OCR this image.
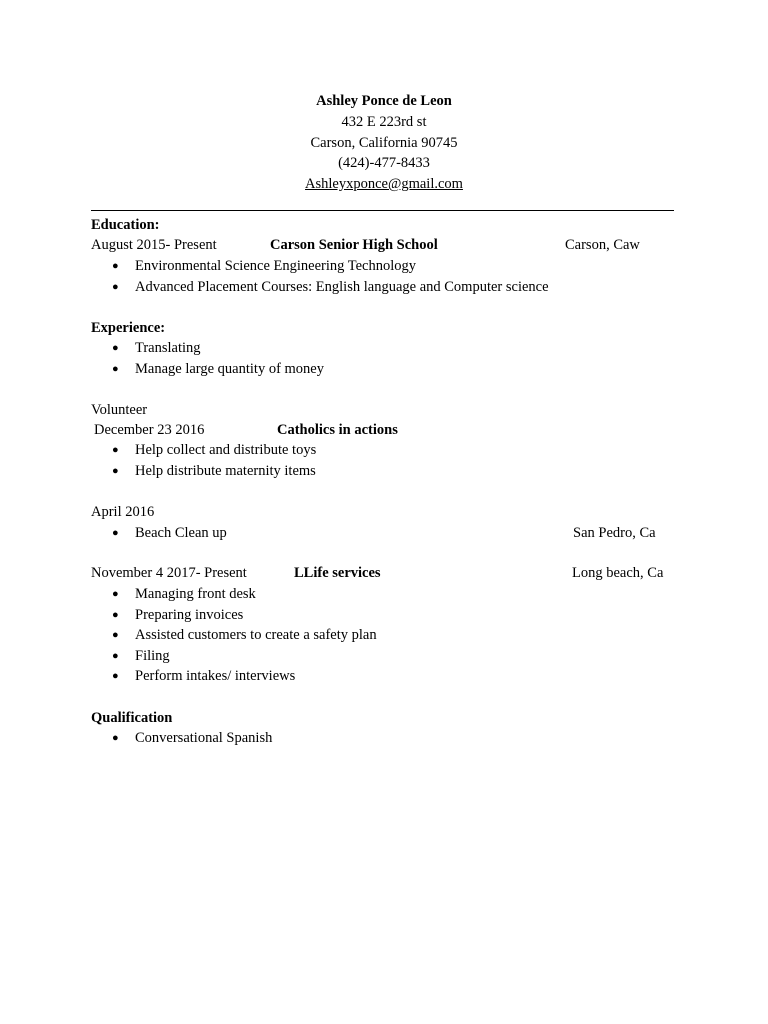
Ashley Ponce de Leon
432 E 223rd st
Carson, California 90745
(424)-477-8433
Ashleyxponce@gmail.com
Education:
August 2015- Present	Carson Senior High School	Carson, Caw
● Environmental Science Engineering Technology
● Advanced Placement Courses: English language and Computer science
Experience:
● Translating
● Manage large quantity of money
Volunteer
December 23 2016	Catholics in actions
● Help collect and distribute toys
● Help distribute maternity items
April 2016
● Beach Clean up	San Pedro, Ca
November 4 2017- Present	LLife services	Long beach, Ca
● Managing front desk
● Preparing invoices
● Assisted customers to create a safety plan
● Filing
● Perform intakes/ interviews
Qualification
● Conversational Spanish
